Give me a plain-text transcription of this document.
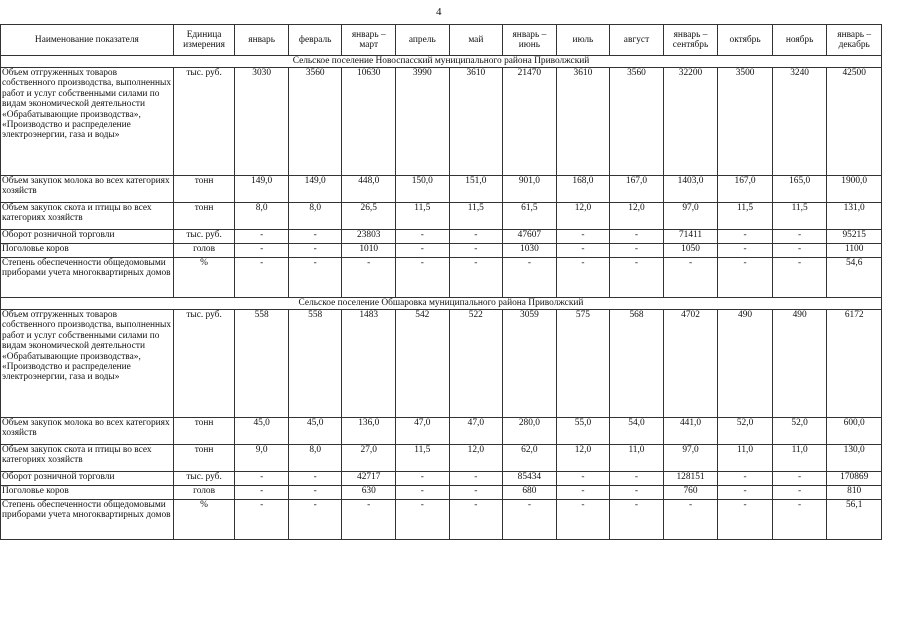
4
Наименование показателя	Единица измерения	январь	февраль	январь – март	апрель	май	январь – июнь	июль	август	январь – сентябрь	октябрь	ноябрь	январь – декабрь
Сельское поселение Новоспасский муниципального района Приволжский													
Объем отгруженных товаров собственного производства, выполненных работ и услуг собственными силами по видам экономической деятельности «Обрабатывающие производства», «Производство и распределение электроэнергии, газа и воды»	тыс. руб.	3030	3560	10630	3990	3610	21470	3610	3560	32200	3500	3240	42500
Объем закупок молока во всех категориях хозяйств	тонн	149,0	149,0	448,0	150,0	151,0	901,0	168,0	167,0	1403,0	167,0	165,0	1900,0
Объем закупок скота и птицы во всех категориях хозяйств	тонн	8,0	8,0	26,5	11,5	11,5	61,5	12,0	12,0	97,0	11,5	11,5	131,0
Оборот розничной торговли	тыс. руб.	-	-	23803	-	-	47607	-	-	71411	-	-	95215
Поголовье коров	голов	-	-	1010	-	-	1030	-	-	1050	-	-	1100
Степень обеспеченности общедомовыми приборами учета многоквартирных домов	%	-	-	-	-	-	-	-	-	-	-	-	54,6
Сельское поселение Обшаровка муниципального района Приволжский													
Объем отгруженных товаров собственного производства, выполненных работ и услуг собственными силами по видам экономической деятельности «Обрабатывающие производства», «Производство и распределение электроэнергии, газа и воды»	тыс. руб.	558	558	1483	542	522	3059	575	568	4702	490	490	6172
Объем закупок молока во всех категориях хозяйств	тонн	45,0	45,0	136,0	47,0	47,0	280,0	55,0	54,0	441,0	52,0	52,0	600,0
Объем закупок скота и птицы во всех категориях хозяйств	тонн	9,0	8,0	27,0	11,5	12,0	62,0	12,0	11,0	97,0	11,0	11,0	130,0
Оборот розничной торговли	тыс. руб.	-	-	42717	-	-	85434	-	-	128151	-	-	170869
Поголовье коров	голов	-	-	630	-	-	680	-	-	760	-	-	810
Степень обеспеченности общедомовыми приборами учета многоквартирных домов	%	-	-	-	-	-	-	-	-	-	-	-	56,1
